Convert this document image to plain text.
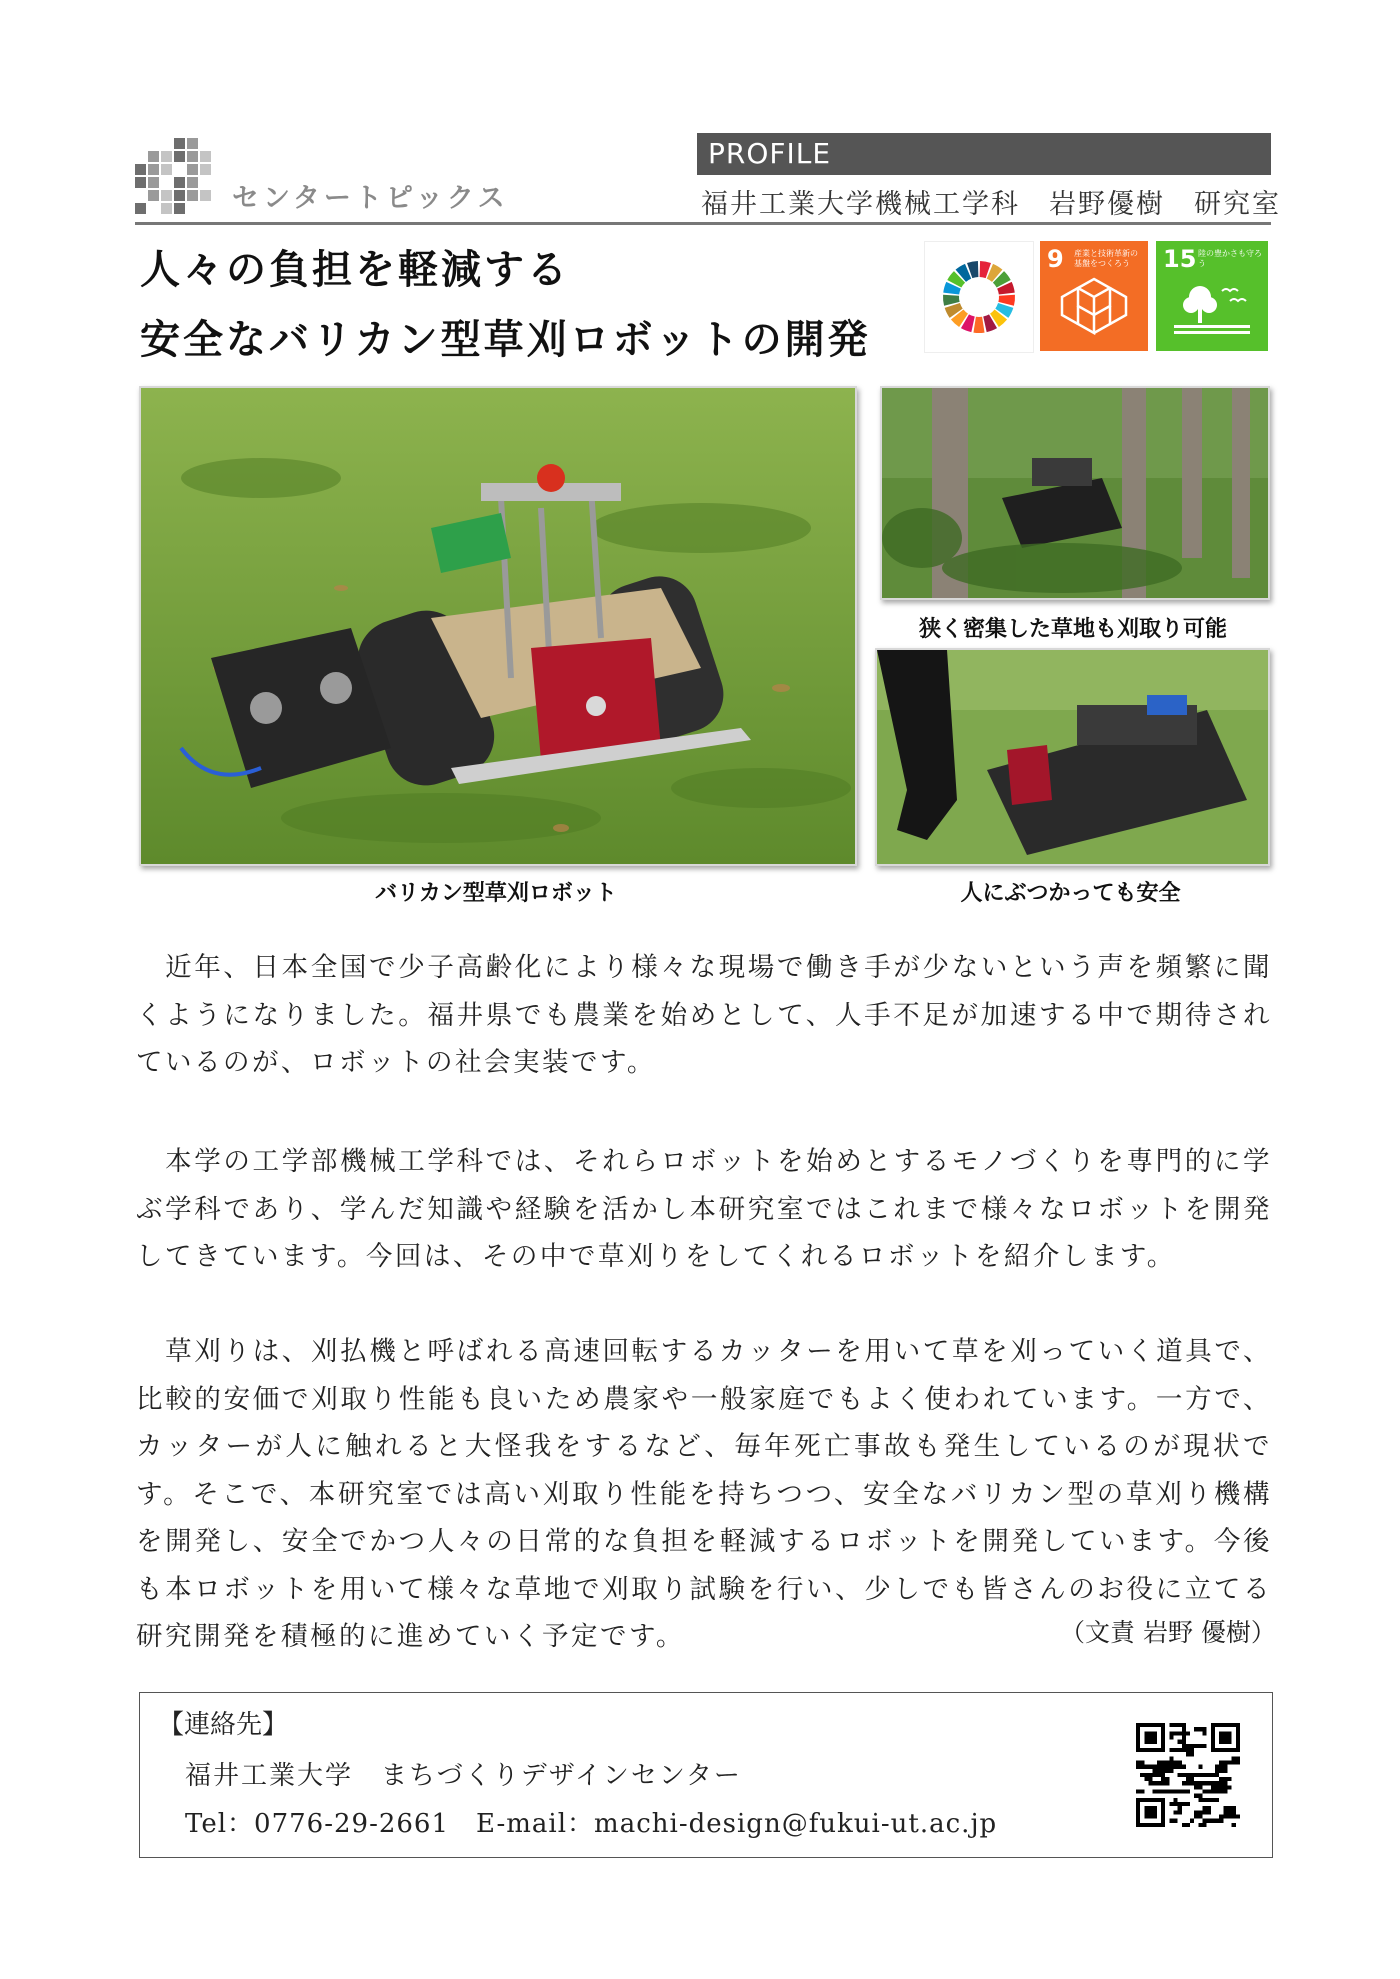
センタートピックス
PROFILE
福井工業大学機械工学科　岩野優樹　研究室
人々の負担を軽減する
安全なバリカン型草刈ロボットの開発
9 産業と技術革新の基盤をつくろう	15 陸の豊かさも守ろう
狭く密集した草地も刈取り可能
バリカン型草刈ロボット	人にぶつかっても安全
　近年、日本全国で少子高齢化により様々な現場で働き手が少ないという声を頻繁に聞くようになりました。福井県でも農業を始めとして、人手不足が加速する中で期待されているのが、ロボットの社会実装です。
　本学の工学部機械工学科では、それらロボットを始めとするモノづくりを専門的に学ぶ学科であり、学んだ知識や経験を活かし本研究室ではこれまで様々なロボットを開発してきています。今回は、その中で草刈りをしてくれるロボットを紹介します。
　草刈りは、刈払機と呼ばれる高速回転するカッターを用いて草を刈っていく道具で、比較的安価で刈取り性能も良いため農家や一般家庭でもよく使われています。一方で、カッターが人に触れると大怪我をするなど、毎年死亡事故も発生しているのが現状です。そこで、本研究室では高い刈取り性能を持ちつつ、安全なバリカン型の草刈り機構を開発し、安全でかつ人々の日常的な負担を軽減するロボットを開発しています。今後も本ロボットを用いて様々な草地で刈取り試験を行い、少しでも皆さんのお役に立てる研究開発を積極的に進めていく予定です。	（文責 岩野 優樹）
【連絡先】
福井工業大学　まちづくりデザインセンター
Tel：0776-29-2661　E-mail：machi-design@fukui-ut.ac.jp
